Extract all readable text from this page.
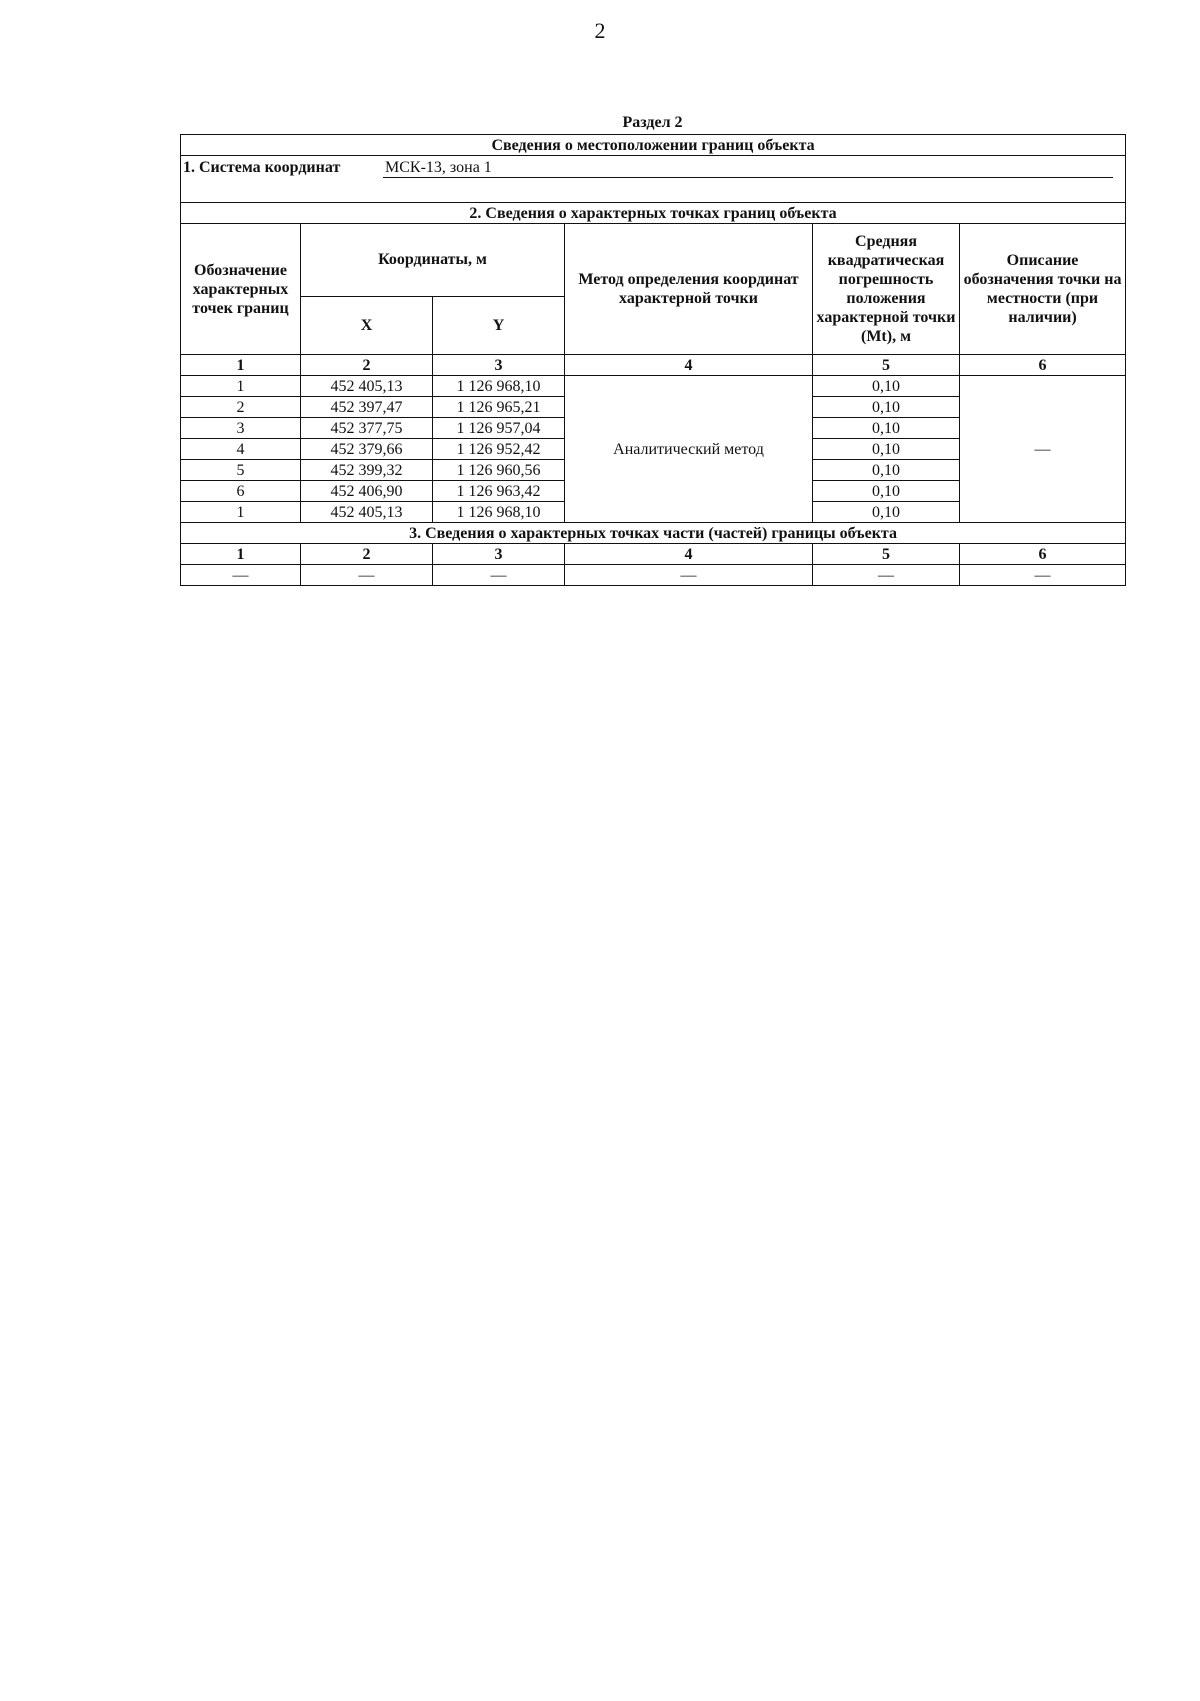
2
Раздел 2
Сведения о местоположении границ объекта					
1. Система координат МСК-13, зона 1					
2. Сведения о характерных точках границ объекта					
Обозначение характерных точек границ	Координаты, м		Метод определения координат характерной точки	Средняя квадратическая погрешность положения характерной точки (Mt), м	Описание обозначения точки на местности (при наличии)
	X	Y			
1	2	3	4	5	6
1	452 405,13	1 126 968,10	Аналитический метод	0,10	—
2	452 397,47	1 126 965,21		0,10	
3	452 377,75	1 126 957,04		0,10	
4	452 379,66	1 126 952,42		0,10	
5	452 399,32	1 126 960,56		0,10	
6	452 406,90	1 126 963,42		0,10	
1	452 405,13	1 126 968,10		0,10	
3. Сведения о характерных точках части (частей) границы объекта					
1	2	3	4	5	6
—	—	—	—	—	—
